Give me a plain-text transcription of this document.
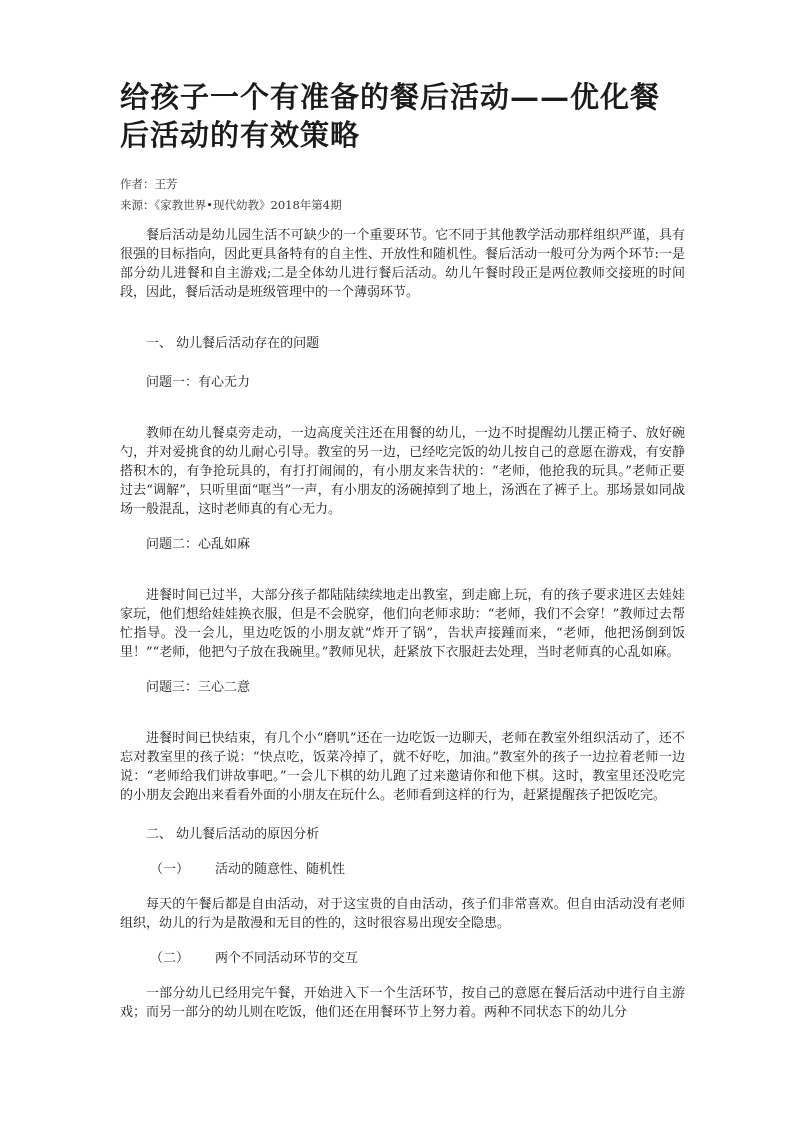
给孩子一个有准备的餐后活动——优化餐后活动的有效策略
作者：王芳
来源：《家教世界•现代幼教》2018年第4期

餐后活动是幼儿园生活不可缺少的一个重要环节。它不同于其他教学活动那样组织严谨，具有很强的目标指向，因此更具备特有的自主性、开放性和随机性。餐后活动一般可分为两个环节:一是部分幼儿进餐和自主游戏;二是全体幼儿进行餐后活动。幼儿午餐时段正是两位教师交接班的时间段，因此，餐后活动是班级管理中的一个薄弱环节。

一、 幼儿餐后活动存在的问题

问题一：有心无力

教师在幼儿餐桌旁走动，一边高度关注还在用餐的幼儿，一边不时提醒幼儿摆正椅子、放好碗勺，并对爱挑食的幼儿耐心引导。教室的另一边，已经吃完饭的幼儿按自己的意愿在游戏，有安静搭积木的，有争抢玩具的，有打打闹闹的，有小朋友来告状的：“老师，他抢我的玩具。”老师正要过去“调解”，只听里面“哐当”一声，有小朋友的汤碗掉到了地上，汤洒在了裤子上。那场景如同战场一般混乱，这时老师真的有心无力。

问题二：心乱如麻

进餐时间已过半，大部分孩子都陆陆续续地走出教室，到走廊上玩，有的孩子要求进区去娃娃家玩，他们想给娃娃换衣服，但是不会脱穿，他们向老师求助：“老师，我们不会穿！”教师过去帮忙指导。没一会儿，里边吃饭的小朋友就“炸开了锅”，告状声接踵而来，“老师，他把汤倒到饭里！”“老师，他把勺子放在我碗里。”教师见状，赶紧放下衣服赶去处理，当时老师真的心乱如麻。

问题三：三心二意

进餐时间已快结束，有几个小“磨叽”还在一边吃饭一边聊天，老师在教室外组织活动了，还不忘对教室里的孩子说：“快点吃，饭菜冷掉了，就不好吃，加油。”教室外的孩子一边拉着老师一边说：“老师给我们讲故事吧。”一会儿下棋的幼儿跑了过来邀请你和他下棋。这时，教室里还没吃完的小朋友会跑出来看看外面的小朋友在玩什么。老师看到这样的行为，赶紧提醒孩子把饭吃完。

二、 幼儿餐后活动的原因分析

（一） 活动的随意性、随机性

每天的午餐后都是自由活动，对于这宝贵的自由活动，孩子们非常喜欢。但自由活动没有老师组织，幼儿的行为是散漫和无目的性的，这时很容易出现安全隐患。

（二） 两个不同活动环节的交互

一部分幼儿已经用完午餐，开始进入下一个生活环节，按自己的意愿在餐后活动中进行自主游戏；而另一部分的幼儿则在吃饭，他们还在用餐环节上努力着。两种不同状态下的幼儿分
